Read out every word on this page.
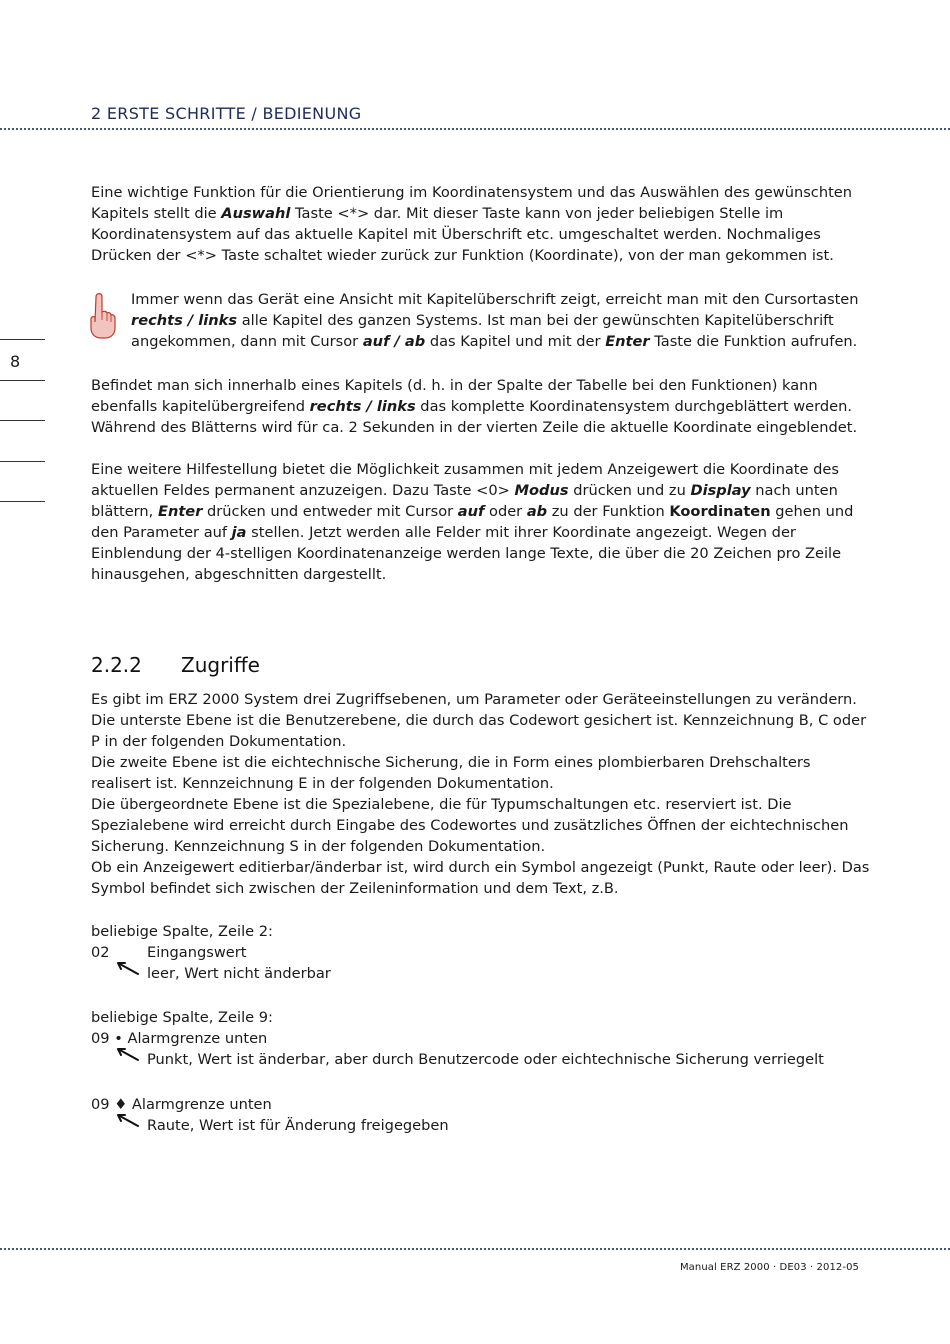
2 ERSTE SCHRITTE / BEDIENUNG
8

Eine wichtige Funktion für die Orientierung im Koordinatensystem und das Auswählen des gewünschten Kapitels stellt die Auswahl Taste <*> dar. Mit dieser Taste kann von jeder beliebigen Stelle im Koordinatensystem auf das aktuelle Kapitel mit Überschrift etc. umgeschaltet werden. Nochmaliges Drücken der <*> Taste schaltet wieder zurück zur Funktion (Koordinate), von der man gekommen ist.

Immer wenn das Gerät eine Ansicht mit Kapitelüberschrift zeigt, erreicht man mit den Cursortasten rechts / links alle Kapitel des ganzen Systems. Ist man bei der gewünschten Kapitelüberschrift angekommen, dann mit Cursor auf / ab das Kapitel und mit der Enter Taste die Funktion aufrufen.

Befindet man sich innerhalb eines Kapitels (d. h. in der Spalte der Tabelle bei den Funktionen) kann ebenfalls kapitelübergreifend rechts / links das komplette Koordinatensystem durchgeblättert werden. Während des Blätterns wird für ca. 2 Sekunden in der vierten Zeile die aktuelle Koordinate eingeblendet.

Eine weitere Hilfestellung bietet die Möglichkeit zusammen mit jedem Anzeigewert die Koordinate des aktuellen Feldes permanent anzuzeigen. Dazu Taste <0> Modus drücken und zu Display nach unten blättern, Enter drücken und entweder mit Cursor auf oder ab zu der Funktion Koordinaten gehen und den Parameter auf ja stellen. Jetzt werden alle Felder mit ihrer Koordinate angezeigt. Wegen der Einblendung der 4-stelligen Koordinatenanzeige werden lange Texte, die über die 20 Zeichen pro Zeile hinausgehen, abgeschnitten dargestellt.

2.2.2 Zugriffe
Es gibt im ERZ 2000 System drei Zugriffsebenen, um Parameter oder Geräteeinstellungen zu verändern.
Die unterste Ebene ist die Benutzerebene, die durch das Codewort gesichert ist. Kennzeichnung B, C oder P in der folgenden Dokumentation.
Die zweite Ebene ist die eichtechnische Sicherung, die in Form eines plombierbaren Drehschalters realisert ist. Kennzeichnung E in der folgenden Dokumentation.
Die übergeordnete Ebene ist die Spezialebene, die für Typumschaltungen etc. reserviert ist. Die Spezialebene wird erreicht durch Eingabe des Codewortes und zusätzliches Öffnen der eichtechnischen Sicherung. Kennzeichnung S in der folgenden Dokumentation.
Ob ein Anzeigewert editierbar/änderbar ist, wird durch ein Symbol angezeigt (Punkt, Raute oder leer). Das Symbol befindet sich zwischen der Zeileninformation und dem Text, z.B.
beliebige Spalte, Zeile 2:
02	Eingangswert
leer, Wert nicht änderbar
beliebige Spalte, Zeile 9:
09 • Alarmgrenze unten
Punkt, Wert ist änderbar, aber durch Benutzercode oder eichtechnische Sicherung verriegelt
09 ♦ Alarmgrenze unten
Raute, Wert ist für Änderung freigegeben
Manual ERZ 2000 · DE03 · 2012-05
